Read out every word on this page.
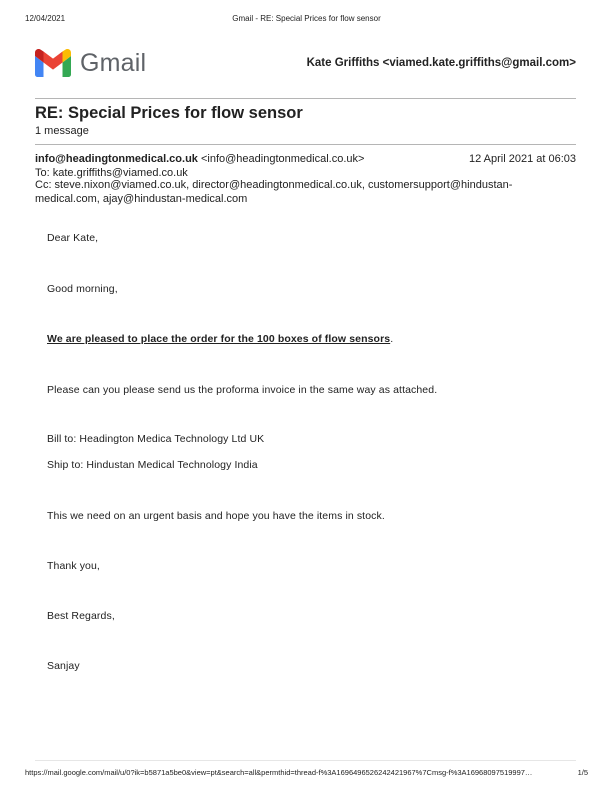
12/04/2021	Gmail - RE: Special Prices for flow sensor
Gmail	Kate Griffiths <viamed.kate.griffiths@gmail.com>
RE: Special Prices for flow sensor
1 message
info@headingtonmedical.co.uk <info@headingtonmedical.co.uk>	12 April 2021 at 06:03
To: kate.griffiths@viamed.co.uk
Cc: steve.nixon@viamed.co.uk, director@headingtonmedical.co.uk, customersupport@hindustan-
medical.com, ajay@hindustan-medical.com
Dear Kate,
Good morning,
We are pleased to place the order for the 100 boxes of flow sensors.
Please can you please send us the proforma invoice in the same way as attached.
Bill to: Headington Medica Technology Ltd UK
Ship to: Hindustan Medical Technology India
This we need on an urgent basis and hope you have the items in stock.
Thank you,
Best Regards,
Sanjay
https://mail.google.com/mail/u/0?ik=b5871a5be0&view=pt&search=all&permthid=thread-f%3A1696496526242421967%7Cmsg-f%3A16968097519997…	1/5
